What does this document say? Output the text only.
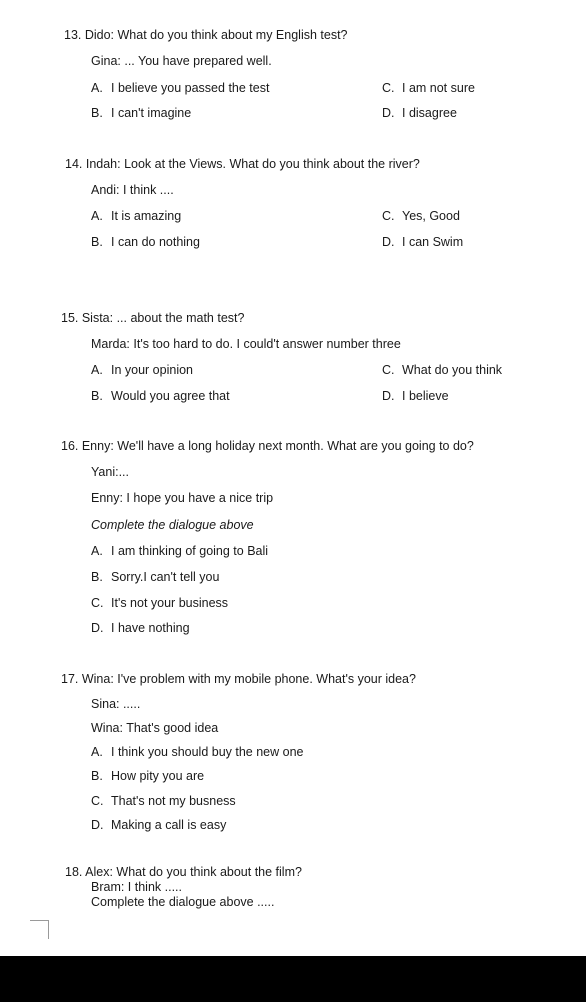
13. Dido: What do you think about my English test?
Gina: ... You have prepared well.
A. I believe you passed the test
B. I can't imagine
C. I am not sure
D. I disagree
14. Indah: Look at the Views. What do you think about the river?
Andi: I think ....
A. It is amazing
B. I can do nothing
C. Yes, Good
D. I can Swim
15. Sista: ... about the math test?
Marda: It's too hard to do. I could't answer number three
A. In your opinion
B. Would you agree that
C. What do you think
D. I believe
16. Enny: We'll have a long holiday next month. What are you going to do?
Yani:...
Enny: I hope you have a nice trip
Complete the dialogue above
A. I am thinking of going to Bali
B. Sorry.I can't tell you
C. It's not your business
D. I have nothing
17. Wina: I've problem with my mobile phone. What's your idea?
Sina: .....
Wina: That's good idea
A. I think you should buy the new one
B. How pity you are
C. That's not my busness
D. Making a call is easy
18. Alex: What do you think about the film?
Bram: I think .....
Complete the dialogue above .....
